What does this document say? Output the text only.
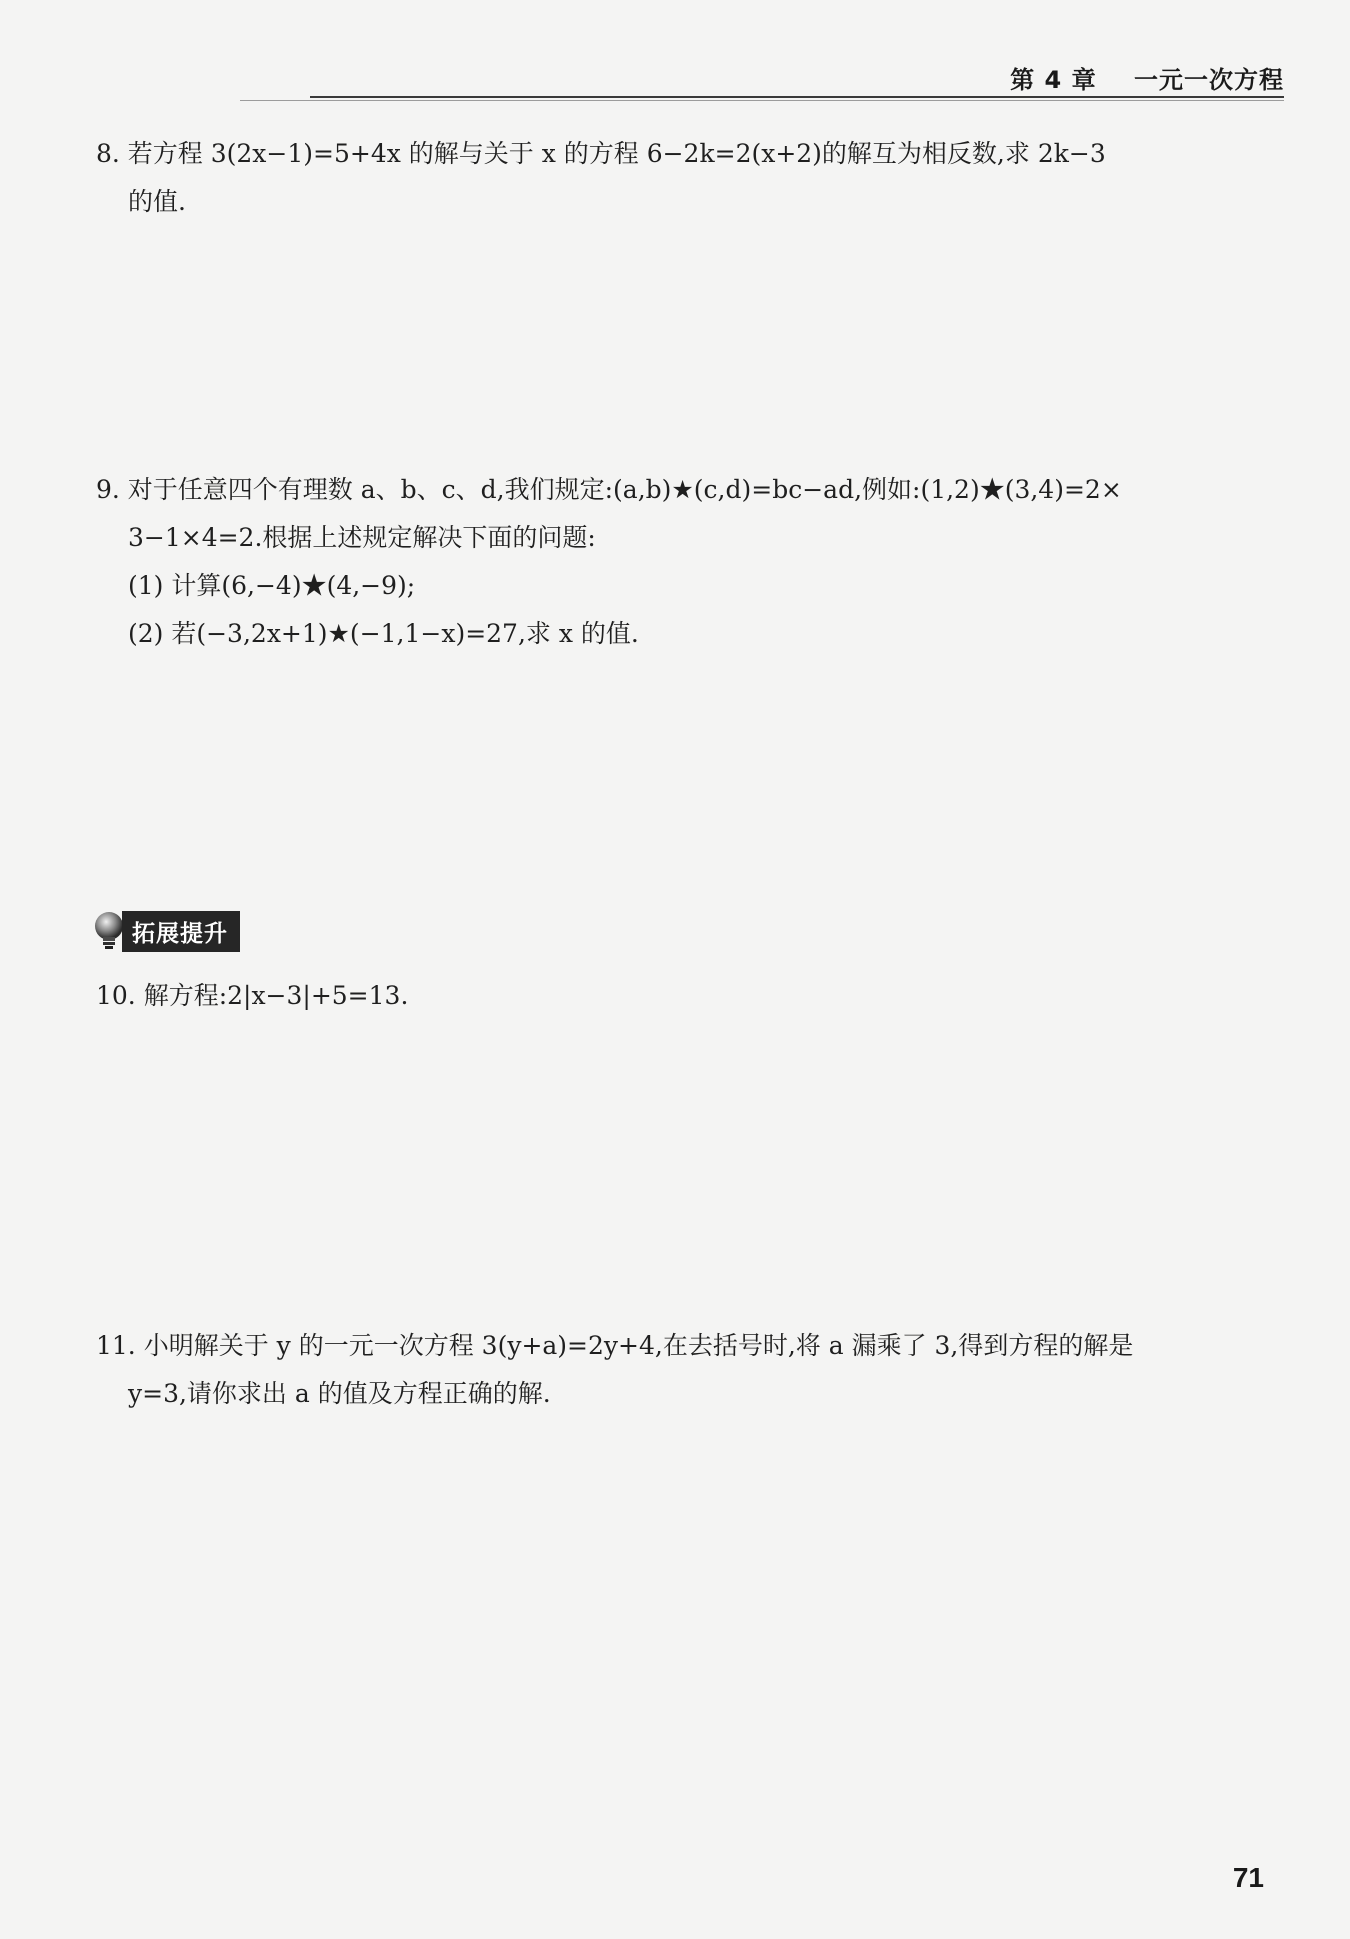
第 4 章 一元一次方程

8. 若方程 3(2x−1)=5+4x 的解与关于 x 的方程 6−2k=2(x+2)的解互为相反数,求 2k−3

的值.

9. 对于任意四个有理数 a、b、c、d,我们规定:(a,b)★(c,d)=bc−ad,例如:(1,2)★(3,4)=2×

3−1×4=2.根据上述规定解决下面的问题:

(1) 计算(6,−4)★(4,−9);

(2) 若(−3,2x+1)★(−1,1−x)=27,求 x 的值.

拓展提升

10. 解方程:2|x−3|+5=13.

11. 小明解关于 y 的一元一次方程 3(y+a)=2y+4,在去括号时,将 a 漏乘了 3,得到方程的解是

y=3,请你求出 a 的值及方程正确的解.

71
